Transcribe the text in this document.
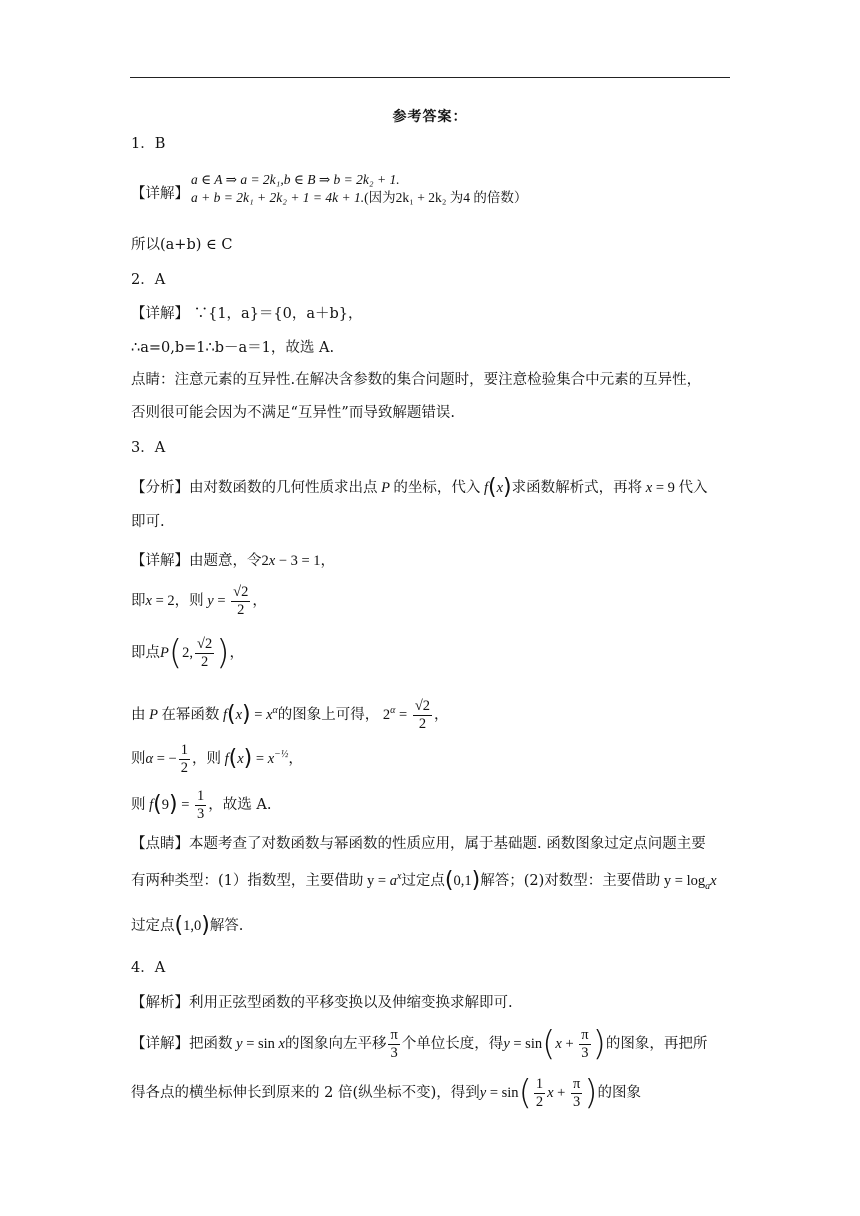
参考答案：
1．B
【详解】
a ∈ A ⇒ a = 2k₁,b ∈ B ⇒ b = 2k₂ + 1.
a + b = 2k₁ + 2k₂ + 1 = 4k + 1.(因为2k₁ + 2k₂ 为4 的倍数）
所以(a+b) ∈ C
2．A
【详解】 ∵{1，a}＝{0，a＋b}，
∴a=0,b=1∴b－a＝1，故选 A.
点睛：注意元素的互异性.在解决含参数的集合问题时，要注意检验集合中元素的互异性，
否则很可能会因为不满足“互异性”而导致解题错误.
3．A
【分析】由对数函数的几何性质求出点 P 的坐标，代入 f(x)求函数解析式，再将 x = 9 代入
即可.
【详解】由题意，令2x − 3 = 1，
即x = 2，则 $y = \frac{√2}{2}$ ，
即点P(2, $\frac{√2}{2}$ )，
由 P 在幂函数 $f(x) = x^\alpha$的图象上可得， $2^\alpha = \frac{√2}{2}$ ，
则α = − $\frac{1}{2}$ ，则 $f(x) = x^{-\frac{1}{2}}$，
则 $f(9) = \frac{1}{3}$ ，故选 A.
【点睛】本题考查了对数函数与幂函数的性质应用，属于基础题. 函数图象过定点问题主要
有两种类型：(1）指数型，主要借助 $y = a^x$过定点(0,1)解答；(2)对数型：主要借助 $y = \log_ax$
过定点(1,0)解答.
4．A
【解析】利用正弦型函数的平移变换以及伸缩变换求解即可.
【详解】把函数 y = sin x的图象向左平移 $\frac{\pi}{3}$ 个单位长度，得$y = \sin(x + \frac{\pi}{3}$ )的图象，再把所
得各点的横坐标伸长到原来的 2 倍(纵坐标不变)，得到$y = \sin( \frac{1}{2}$ $x + \frac{\pi}{3}$ )的图象
